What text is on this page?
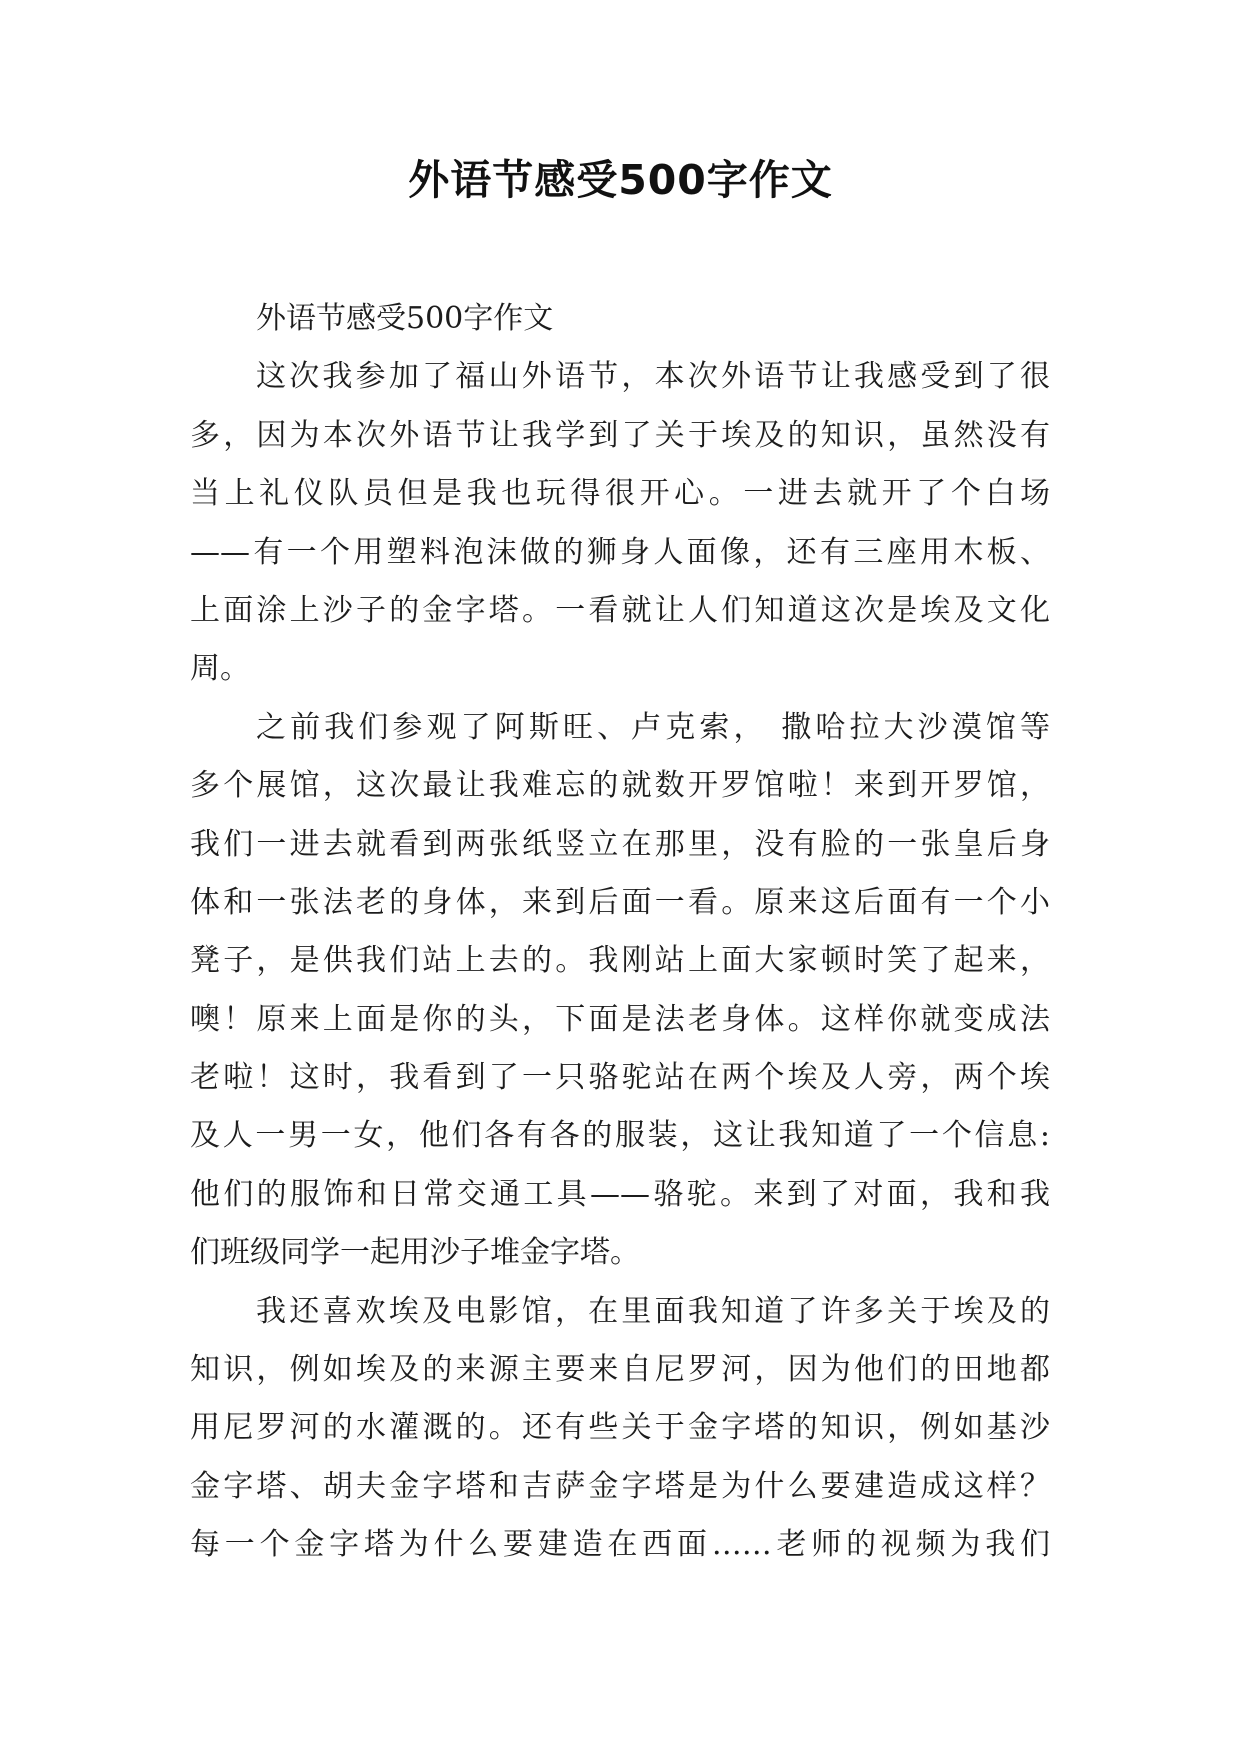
外语节感受500字作文
外语节感受500字作文
这次我参加了福山外语节，本次外语节让我感受到了很
多，因为本次外语节让我学到了关于埃及的知识，虽然没有
当上礼仪队员但是我也玩得很开心。一进去就开了个白场
——有一个用塑料泡沫做的狮身人面像，还有三座用木板、
上面涂上沙子的金字塔。一看就让人们知道这次是埃及文化
周。
之前我们参观了阿斯旺、卢克索， 撒哈拉大沙漠馆等
多个展馆，这次最让我难忘的就数开罗馆啦！来到开罗馆，
我们一进去就看到两张纸竖立在那里，没有脸的一张皇后身
体和一张法老的身体，来到后面一看。原来这后面有一个小
凳子，是供我们站上去的。我刚站上面大家顿时笑了起来，
噢！原来上面是你的头，下面是法老身体。这样你就变成法
老啦！这时，我看到了一只骆驼站在两个埃及人旁，两个埃
及人一男一女，他们各有各的服装，这让我知道了一个信息:
他们的服饰和日常交通工具——骆驼。来到了对面，我和我
们班级同学一起用沙子堆金字塔。
我还喜欢埃及电影馆，在里面我知道了许多关于埃及的
知识，例如埃及的来源主要来自尼罗河，因为他们的田地都
用尼罗河的水灌溉的。还有些关于金字塔的知识，例如基沙
金字塔、胡夫金字塔和吉萨金字塔是为什么要建造成这样？
每一个金字塔为什么要建造在西面……老师的视频为我们
